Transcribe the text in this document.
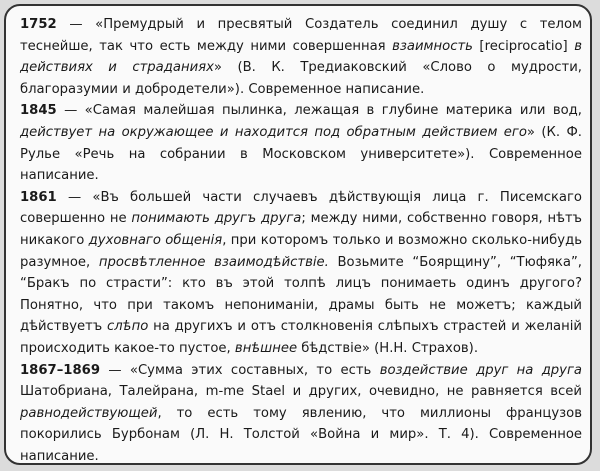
1752 — «Премудрый и пресвятый Создатель соединил душу с телом теснейше, так что есть между ними совершенная взаимность [reciprocatio] в действиях и страданиях» (В. К. Тредиаковский «Слово о мудрости, благоразумии и добродетели»). Современное написание.

1845 — «Самая малейшая пылинка, лежащая в глубине материка или вод, действует на окружающее и находится под обратным действием его» (К. Ф. Рулье «Речь на собрании в Московском университете»). Современное написание.

1861 — «Въ большей части случаевъ дѣйствующія лица г. Писемскаго совершенно не понимають другъ друга; между ними, собственно говоря, нѣтъ никакого духовнаго общенія, при которомъ только и возможно сколько-нибудь разумное, просвѣтленное взаимодѣйствіе. Возьмите “Боярщину”, “Тюфяка”, “Бракъ по страсти”: кто въ этой толпѣ лицъ понимаеть одинъ другого? Понятно, что при такомъ непониманіи, драмы быть не можетъ; каждый дѣйствуетъ слѣпо на другихъ и отъ столкновенія слѣпыхъ страстей и желаній происходить какое-то пустое, внѣшнее бѣдствіе» (Н.Н. Страхов).

1867–1869 — «Сумма этих составных, то есть воздействие друг на друга Шатобриана, Талейрана, m-me Stael и других, очевидно, не равняется всей равнодействующей, то есть тому явлению, что миллионы французов покорились Бурбонам (Л. Н. Толстой «Война и мир». Т. 4). Современное написание.
